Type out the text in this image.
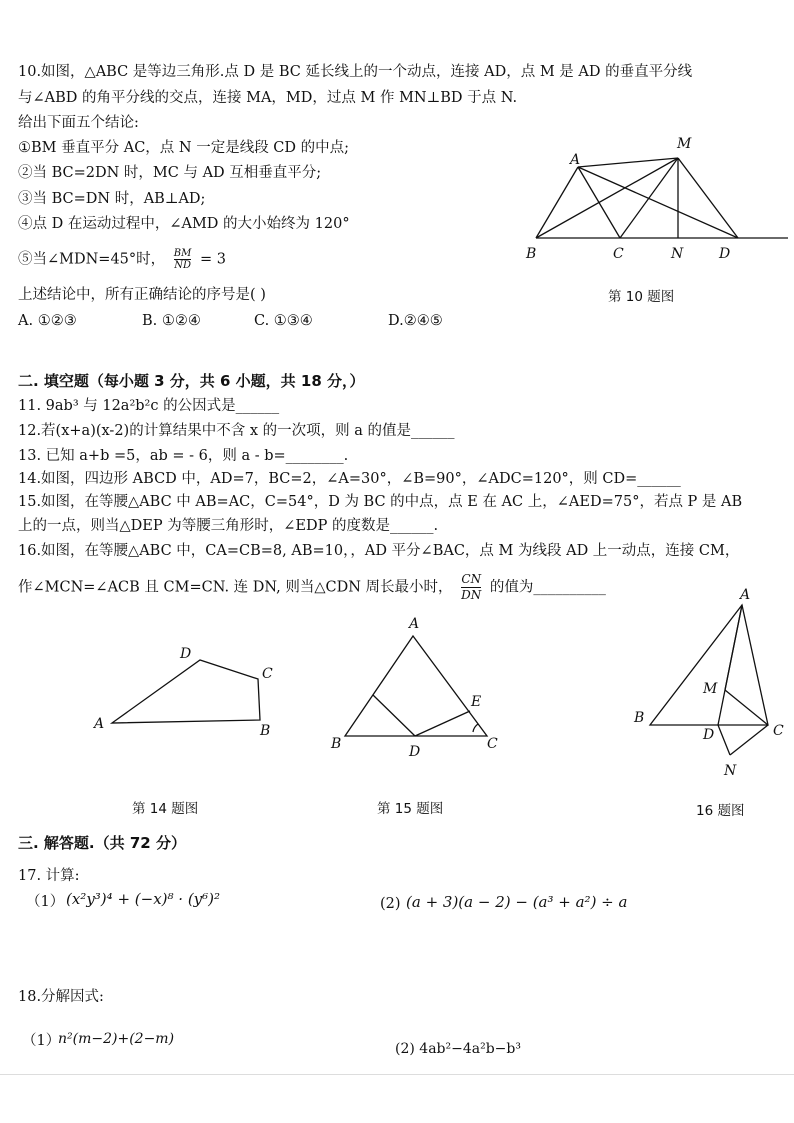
10.如图，△ABC 是等边三角形.点 D 是 BC 延长线上的一个动点，连接 AD，点 M 是 AD 的垂直平分线
与∠ABD 的角平分线的交点，连接 MA，MD，过点 M 作 MN⊥BD 于点 N.
给出下面五个结论:
①BM 垂直平分 AC，点 N 一定是线段 CD 的中点;
②当 BC=2DN 时，MC 与 AD 互相垂直平分;
③当 BC=DN 时，AB⊥AD;
④点 D 在运动过程中，∠AMD 的大小始终为 120°
⑤当∠MDN=45°时， $\frac{BM}{ND} = 3$
上述结论中，所有正确结论的序号是( )
A. ①②③	B. ①②④	C. ①③④	D.②④⑤
A
M
B	C	N	D
第 10 题图
二. 填空题（每小题 3 分，共 6 小题，共 18 分，）
11. 9ab³ 与 12a²b²c 的公因式是______
12.若(x+a)(x-2)的计算结果中不含 x 的一次项，则 a 的值是______
13. 已知 a+b =5，ab = - 6，则 a - b=________.
14.如图，四边形 ABCD 中，AD=7，BC=2，∠A=30°，∠B=90°，∠ADC=120°，则 CD=______
15.如图，在等腰△ABC 中 AB=AC，C=54°，D 为 BC 的中点，点 E 在 AC 上，∠AED=75°，若点 P 是 AB
上的一点，则当△DEP 为等腰三角形时，∠EDP 的度数是______.
16.如图，在等腰△ABC 中，CA=CB=8, AB=10，，AD 平分∠BAC，点 M 为线段 AD 上一动点，连接 CM，
作∠MCN=∠ACB 且 CM=CN. 连 DN, 则当△CDN 周长最小时， $\frac{CN}{DN}$ 的值为__________
A
D
C
B
第 14 题图
A
B	D	C
E
第 15 题图
A
B
C
D
M
N
16 题图
三. 解答题.（共 72 分）
17. 计算:
（1） (x²y³)⁴ + (−x)⁸ · (y⁶)²	(2) (a + 3)(a − 2) − (a³ + a²) ÷ a
18.分解因式:
（1）
n²(m−2)+(2−m)
(2) 4ab²−4a²b−b³
